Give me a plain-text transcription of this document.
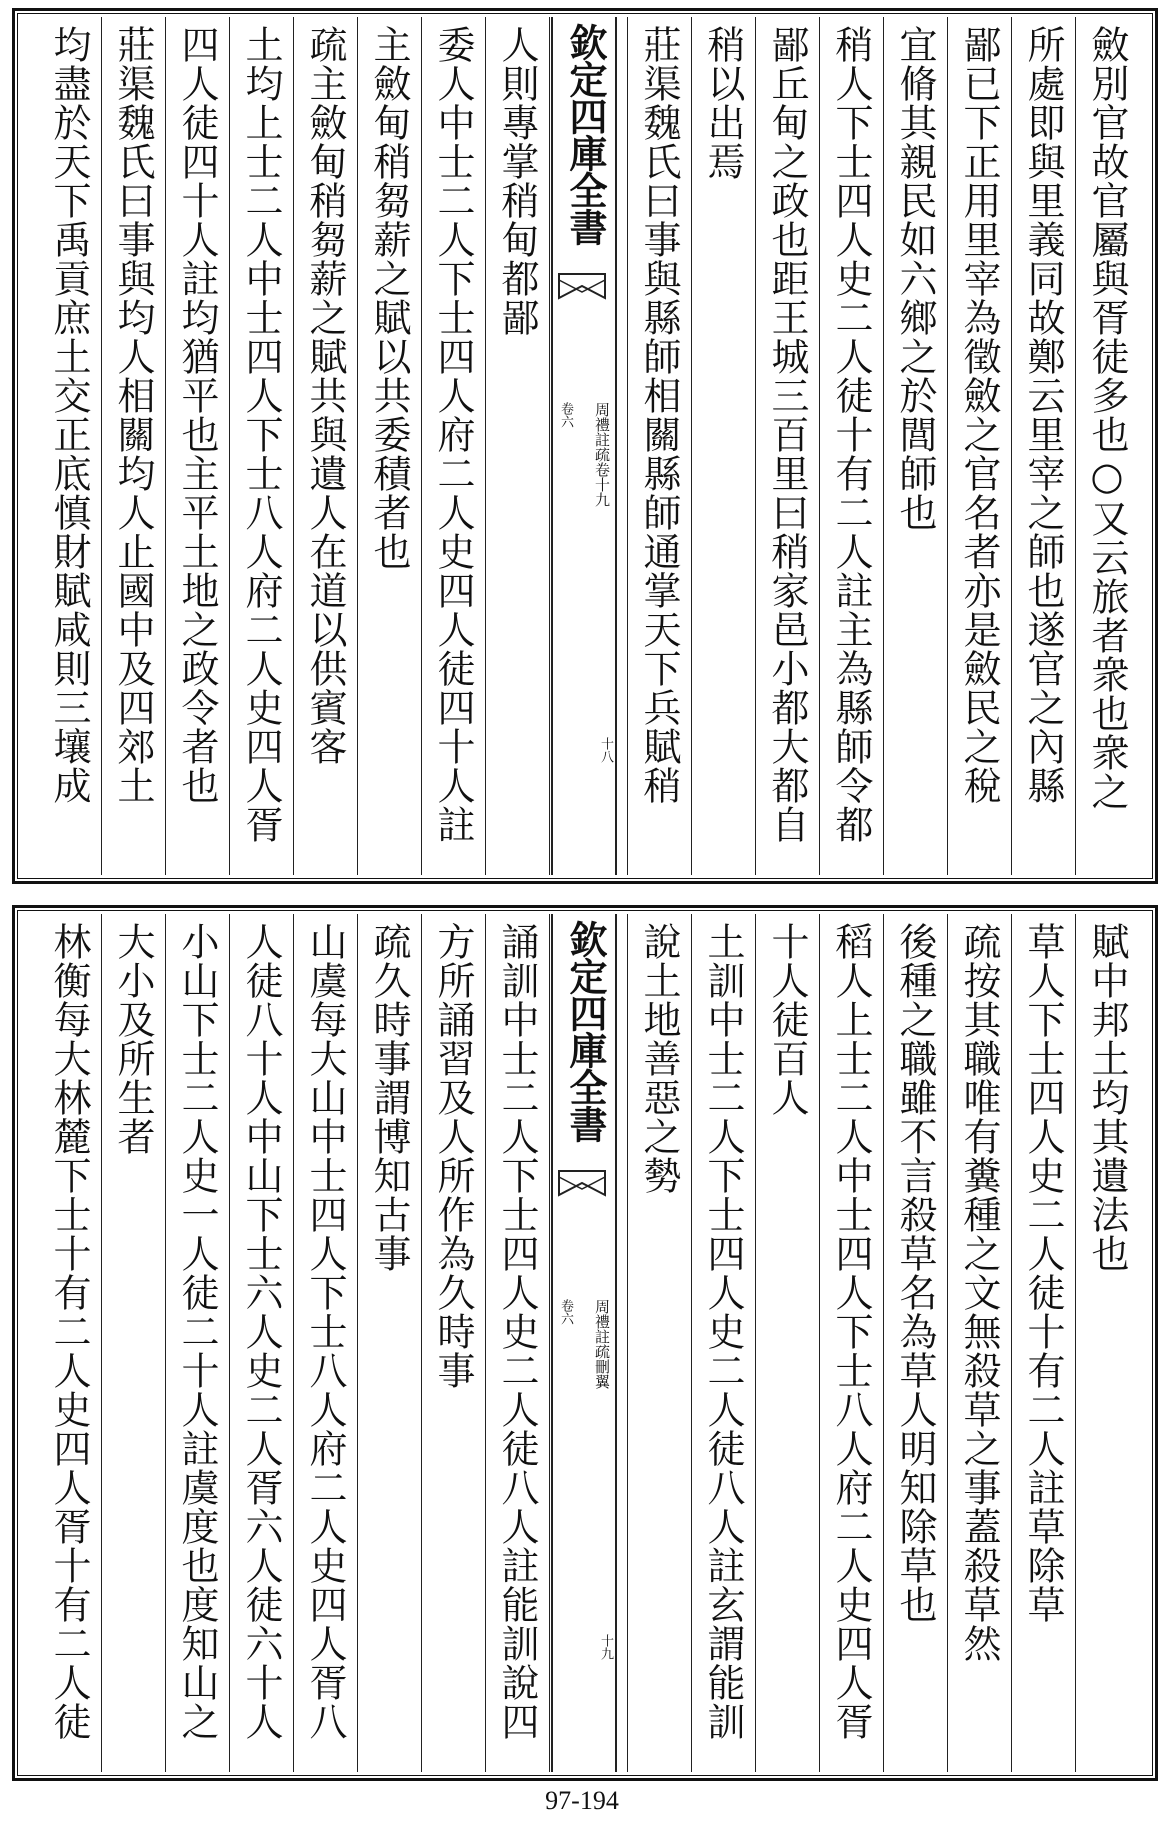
斂別官故官屬與胥徒多也○又云旅者衆也衆之
所處即與里義同故鄭云里宰之師也遂官之內縣
鄙已下正用里宰為徵斂之官名者亦是斂民之稅
宜脩其親民如六鄉之於閭師也
稍人下士四人史二人徒十有二人註主為縣師令都
鄙丘甸之政也距王城三百里曰稍家邑小都大都自
稍以出焉
莊渠魏氏曰事與縣師相關縣師通掌天下兵賦稍
人則專掌稍甸都鄙
委人中士二人下士四人府二人史四人徒四十人註
主斂甸稍芻薪之賦以共委積者也
疏主斂甸稍芻薪之賦共與遺人在道以供賓客
土均上士二人中士四人下士八人府二人史四人胥
四人徒四十人註均猶平也主平土地之政令者也
莊渠魏氏曰事與均人相關均人止國中及四郊土
均盡於天下禹貢庶土交正底慎財賦咸則三壤成	欽定四庫全書
周禮註疏卷十九
卷六
十八
賦中邦土均其遺法也
草人下士四人史二人徒十有二人註草除草
疏按其職唯有糞種之文無殺草之事蓋殺草然
後種之職雖不言殺草名為草人明知除草也
稻人上士二人中士四人下士八人府二人史四人胥
十人徒百人
土訓中士二人下士四人史二人徒八人註玄謂能訓
說土地善惡之勢
誦訓中士二人下士四人史二人徒八人註能訓說四
方所誦習及人所作為久時事
疏久時事謂博知古事
山虞每大山中士四人下士八人府二人史四人胥八
人徒八十人中山下士六人史二人胥六人徒六十人
小山下士二人史一人徒二十人註虞度也度知山之
大小及所生者
林衡每大林麓下士十有二人史四人胥十有二人徒	欽定四庫全書
周禮註疏刪翼
卷六
十九
97-194
